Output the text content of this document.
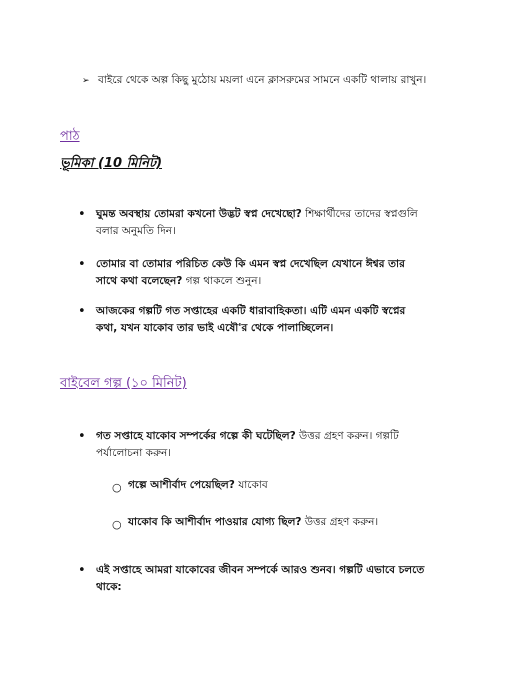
➢ বাইরে থেকে অল্প কিছু মুঠোয় ময়লা এনে ক্লাসরুমের সামনে একটি থালায় রাখুন।
পাঠ
ভূমিকা (10 মিনিট)
• ঘুমন্ত অবস্থায় তোমরা কখনো উদ্ভট স্বপ্ন দেখেছো? শিক্ষার্থীদের তাদের স্বপ্নগুলি
বলার অনুমতি দিন।
• তোমার বা তোমার পরিচিত কেউ কি এমন স্বপ্ন দেখেছিল যেখানে ঈশ্বর তার
সাথে কথা বলেছেন? গল্প থাকলে শুনুন।
• আজকের গল্পটি গত সপ্তাহের একটি ধারাবাহিকতা। এটি এমন একটি স্বপ্নের
কথা, যখন যাকোব তার ভাই এষৌ'র থেকে পালাচ্ছিলেন।
বাইবেল গল্প (১০ মিনিট)
• গত সপ্তাহে যাকোব সম্পর্কের গল্পে কী ঘটেছিল? উত্তর গ্রহণ করুন। গল্পটি
পর্যালোচনা করুন।
○ গল্পে আশীর্বাদ পেয়েছিল? যাকোব
○ যাকোব কি আশীর্বাদ পাওয়ার যোগ্য ছিল? উত্তর গ্রহণ করুন।
• এই সপ্তাহে আমরা যাকোবের জীবন সম্পর্কে আরও শুনব। গল্পটি এভাবে চলতে
থাকে:
